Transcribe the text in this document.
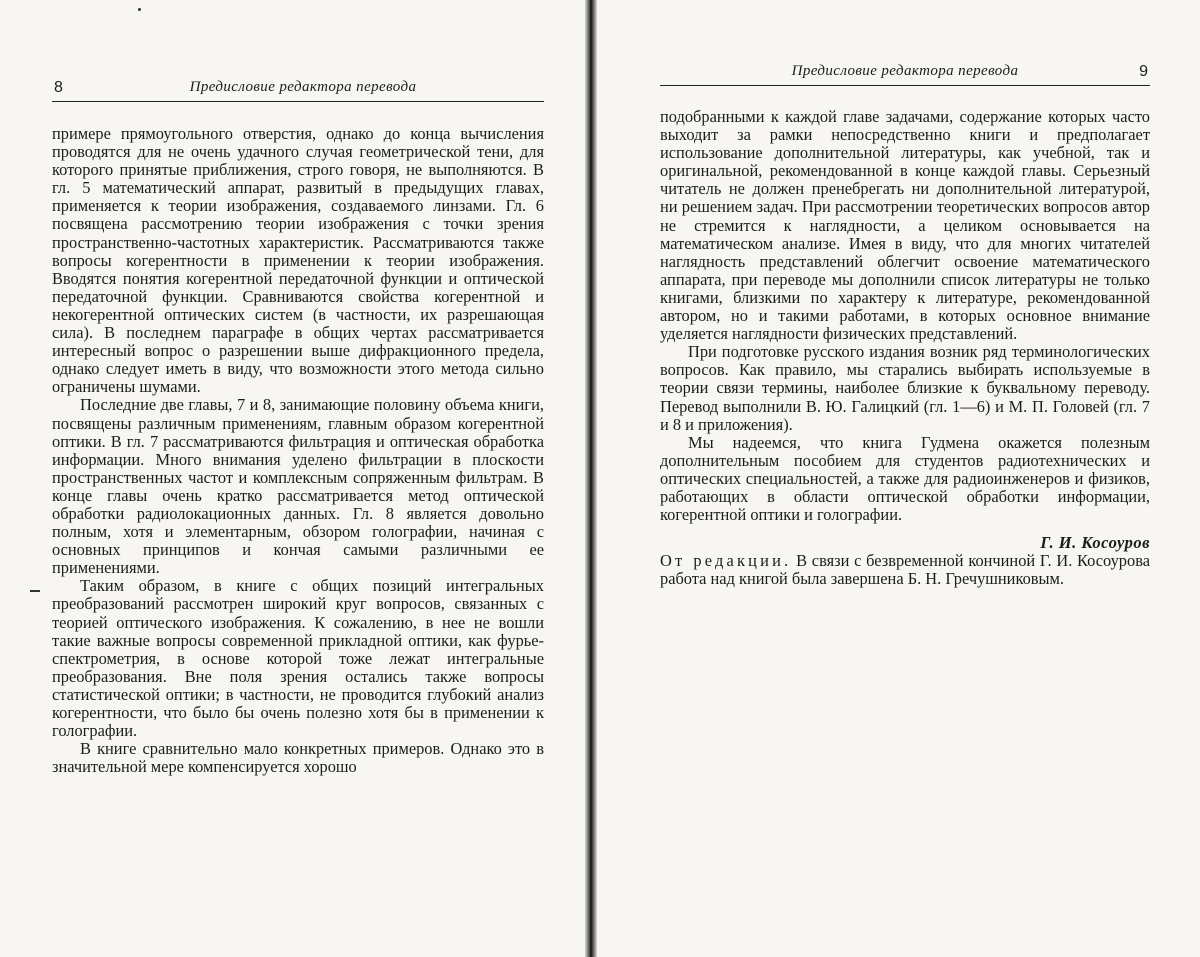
8	Предисловие редактора перевода

примере прямоугольного отверстия, однако до конца вычисления проводятся для не очень удачного случая геометрической тени, для которого принятые приближения, строго говоря, не выполняются. В гл. 5 математический аппарат, развитый в предыдущих главах, применяется к теории изображения, создаваемого линзами. Гл. 6 посвящена рассмотрению теории изображения с точки зрения пространственно-частотных характеристик. Рассматриваются также вопросы когерентности в применении к теории изображения. Вводятся понятия когерентной передаточной функции и оптической передаточной функции. Сравниваются свойства когерентной и некогерентной оптических систем (в частности, их разрешающая сила). В последнем параграфе в общих чертах рассматривается интересный вопрос о разрешении выше дифракционного предела, однако следует иметь в виду, что возможности этого метода сильно ограничены шумами.

Последние две главы, 7 и 8, занимающие половину объема книги, посвящены различным применениям, главным образом когерентной оптики. В гл. 7 рассматриваются фильтрация и оптическая обработка информации. Много внимания уделено фильтрации в плоскости пространственных частот и комплексным сопряженным фильтрам. В конце главы очень кратко рассматривается метод оптической обработки радиолокационных данных. Гл. 8 является довольно полным, хотя и элементарным, обзором голографии, начиная с основных принципов и кончая самыми различными ее применениями.

Таким образом, в книге с общих позиций интегральных преобразований рассмотрен широкий круг вопросов, связанных с теорией оптического изображения. К сожалению, в нее не вошли такие важные вопросы современной прикладной оптики, как фурье-спектрометрия, в основе которой тоже лежат интегральные преобразования. Вне поля зрения остались также вопросы статистической оптики; в частности, не проводится глубокий анализ когерентности, что было бы очень полезно хотя бы в применении к голографии.

В книге сравнительно мало конкретных примеров. Однако это в значительной мере компенсируется хорошо

Предисловие редактора перевода	9

подобранными к каждой главе задачами, содержание которых часто выходит за рамки непосредственно книги и предполагает использование дополнительной литературы, как учебной, так и оригинальной, рекомендованной в конце каждой главы. Серьезный читатель не должен пренебрегать ни дополнительной литературой, ни решением задач. При рассмотрении теоретических вопросов автор не стремится к наглядности, а целиком основывается на математическом анализе. Имея в виду, что для многих читателей наглядность представлений облегчит освоение математического аппарата, при переводе мы дополнили список литературы не только книгами, близкими по характеру к литературе, рекомендованной автором, но и такими работами, в которых основное внимание уделяется наглядности физических представлений.

При подготовке русского издания возник ряд терминологических вопросов. Как правило, мы старались выбирать используемые в теории связи термины, наиболее близкие к буквальному переводу. Перевод выполнили В. Ю. Галицкий (гл. 1—6) и М. П. Головей (гл. 7 и 8 и приложения).

Мы надеемся, что книга Гудмена окажется полезным дополнительным пособием для студентов радиотехнических и оптических специальностей, а также для радиоинженеров и физиков, работающих в области оптической обработки информации, когерентной оптики и голографии.

Г. И. Косоуров

От редакции. В связи с безвременной кончиной Г. И. Косоурова работа над книгой была завершена Б. Н. Гречушниковым.
